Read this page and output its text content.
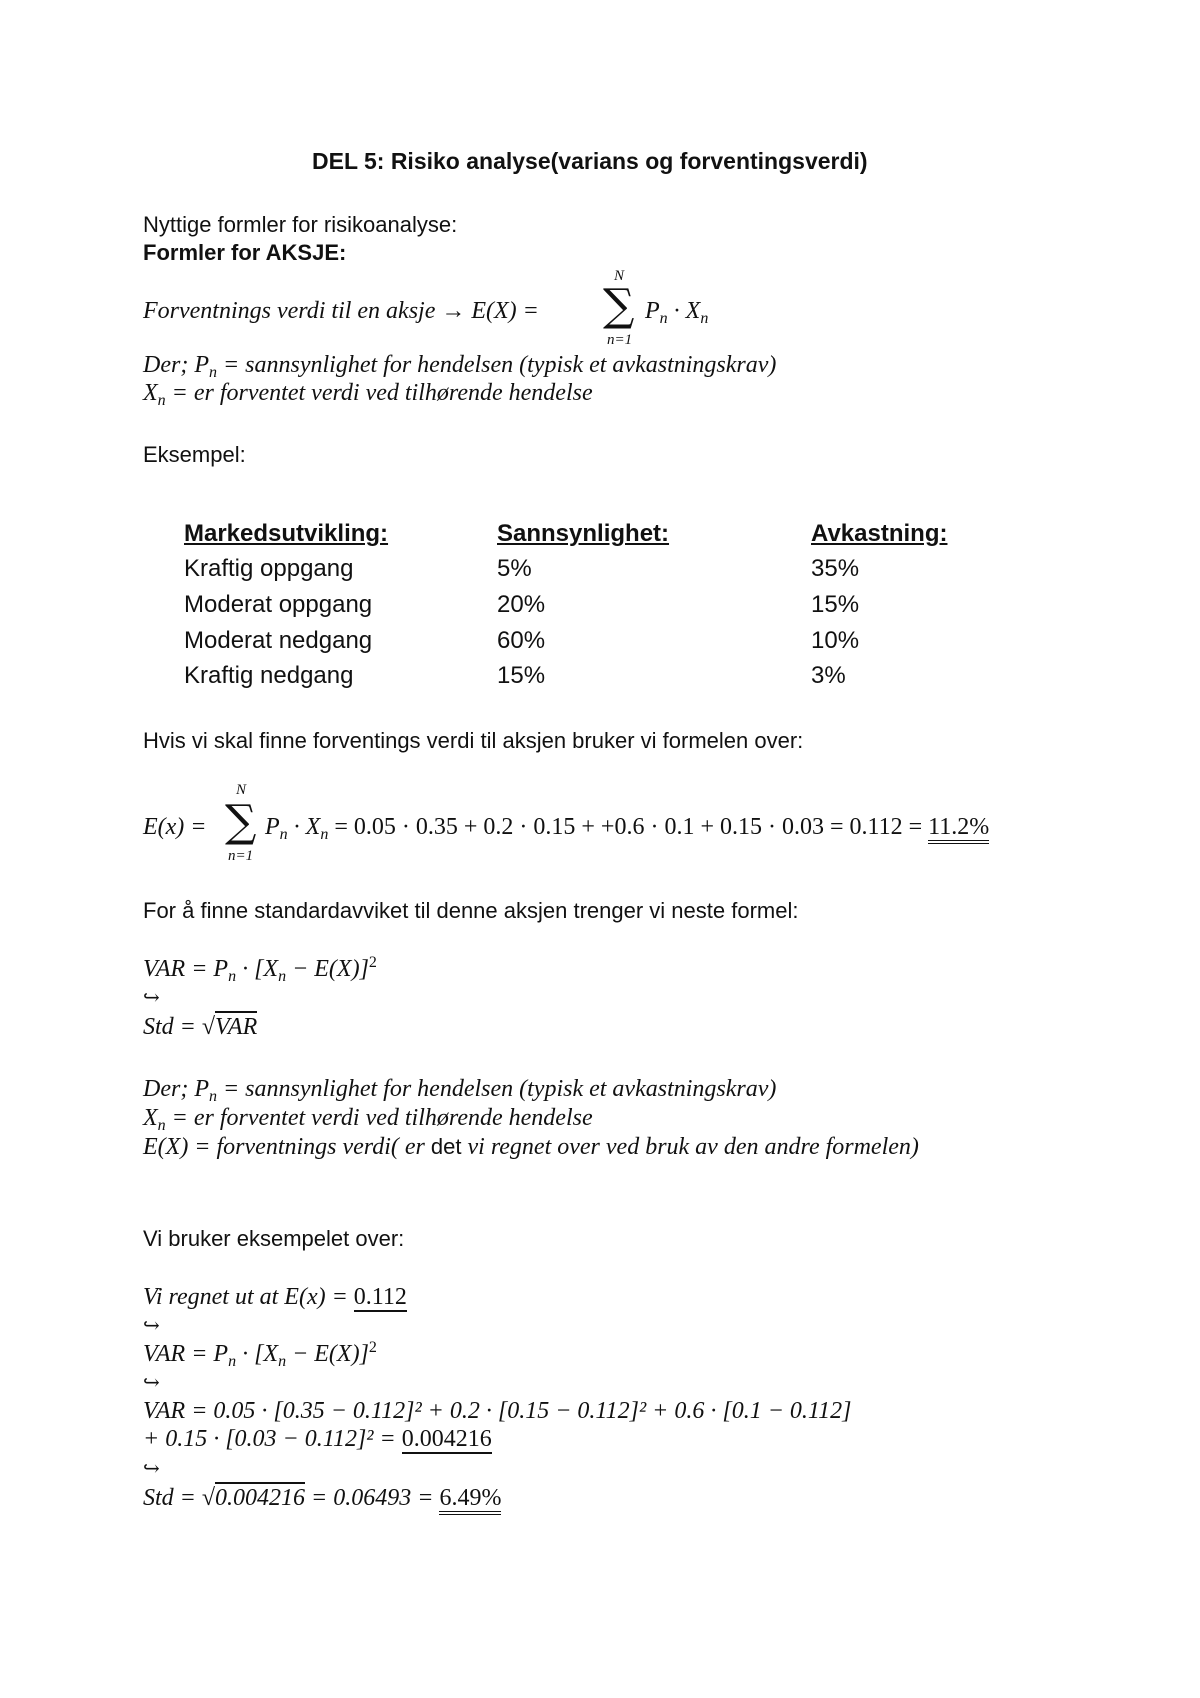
DEL 5: Risiko analyse(varians og forventingsverdi)
Nyttige formler for risikoanalyse:
Formler for AKSJE:
Forventnings verdi til en aksje → E(X) =
N
∑
n=1
$P_n \cdot X_n$
Der; $P_n$ = sannsynlighet for hendelsen (typisk et avkastningskrav)
$X_n$ = er forventet verdi ved tilhørende hendelse
Eksempel:
Markedsutvikling:	Sannsynlighet:	Avkastning:
Kraftig oppgang	5%	35%
Moderat oppgang	20%	15%
Moderat nedgang	60%	10%
Kraftig nedgang	15%	3%
Hvis vi skal finne forventings verdi til aksjen bruker vi formelen over:
E(x) =
N
∑
n=1
$P_n \cdot X_n = 0.05 \cdot 0.35 + 0.2 \cdot 0.15 + +0.6 \cdot 0.1 + 0.15 \cdot 0.03 = 0.112 = 11.2\%$
For å finne standardavviket til denne aksjen trenger vi neste formel:
VAR = $P_n \cdot [X_n - E(X)]^2$
↪
Std = √VAR
Der; $P_n$ = sannsynlighet for hendelsen (typisk et avkastningskrav)
$X_n$ = er forventet verdi ved tilhørende hendelse
E(X) = forventnings verdi( er det vi regnet over ved bruk av den andre formelen)
Vi bruker eksempelet over:
Vi regnet ut at E(x) = 0.112
↪
VAR = $P_n \cdot [X_n - E(X)]^2$
↪
VAR = 0.05 · [0.35 − 0.112]² + 0.2 · [0.15 − 0.112]² + 0.6 · [0.1 − 0.112]
+ 0.15 · [0.03 − 0.112]² = 0.004216
↪
Std = √0.004216 = 0.06493 = 6.49%
